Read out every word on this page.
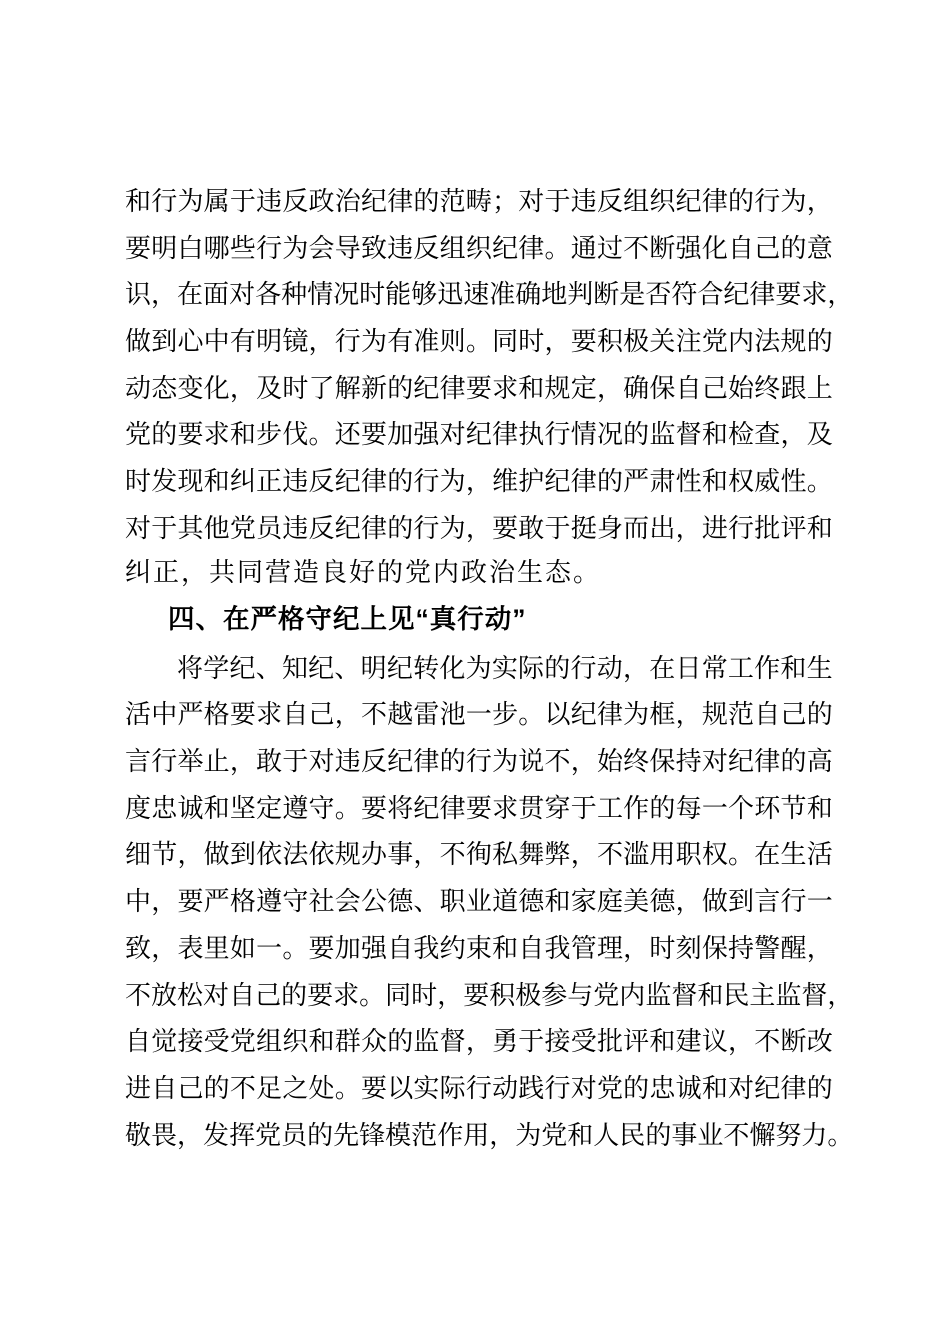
和 行 为 属 于 违 反 政 治 纪 律 的 范 畴 ； 对 于 违 反 组 织 纪 律 的 行 为 ，
要 明 白 哪 些 行 为 会 导 致 违 反 组 织 纪 律 。 通 过 不 断 强 化 自 己 的 意
识 ， 在 面 对 各 种 情 况 时 能 够 迅 速 准 确 地 判 断 是 否 符 合 纪 律 要 求 ，
做 到 心 中 有 明 镜 ， 行 为 有 准 则 。 同 时 ， 要 积 极 关 注 党 内 法 规 的
动 态 变 化 ， 及 时 了 解 新 的 纪 律 要 求 和 规 定 ， 确 保 自 己 始 终 跟 上
党 的 要 求 和 步 伐 。 还 要 加 强 对 纪 律 执 行 情 况 的 监 督 和 检 查 ， 及
时 发 现 和 纠 正 违 反 纪 律 的 行 为 ， 维 护 纪 律 的 严 肃 性 和 权 威 性 。
对 于 其 他 党 员 违 反 纪 律 的 行 为 ， 要 敢 于 挺 身 而 出 ， 进 行 批 评 和
纠正，共同营造良好的党内政治生态。
四、在严格守纪上见“真行动”
将 学 纪 、 知 纪 、 明 纪 转 化 为 实 际 的 行 动 ， 在 日 常 工 作 和 生
活 中 严 格 要 求 自 己 ， 不 越 雷 池 一 步 。 以 纪 律 为 框 ， 规 范 自 己 的
言 行 举 止 ， 敢 于 对 违 反 纪 律 的 行 为 说 不 ， 始 终 保 持 对 纪 律 的 高
度 忠 诚 和 坚 定 遵 守 。 要 将 纪 律 要 求 贯 穿 于 工 作 的 每 一 个 环 节 和
细 节 ， 做 到 依 法 依 规 办 事 ， 不 徇 私 舞 弊 ， 不 滥 用 职 权 。 在 生 活
中 ， 要 严 格 遵 守 社 会 公 德 、 职 业 道 德 和 家 庭 美 德 ， 做 到 言 行 一
致 ， 表 里 如 一 。 要 加 强 自 我 约 束 和 自 我 管 理 ， 时 刻 保 持 警 醒 ，
不 放 松 对 自 己 的 要 求 。 同 时 ， 要 积 极 参 与 党 内 监 督 和 民 主 监 督 ，
自 觉 接 受 党 组 织 和 群 众 的 监 督 ， 勇 于 接 受 批 评 和 建 议 ， 不 断 改
进 自 己 的 不 足 之 处 。 要 以 实 际 行 动 践 行 对 党 的 忠 诚 和 对 纪 律 的
敬 畏 ， 发 挥 党 员 的 先 锋 模 范 作 用 ， 为 党 和 人 民 的 事 业 不 懈 努 力 。
